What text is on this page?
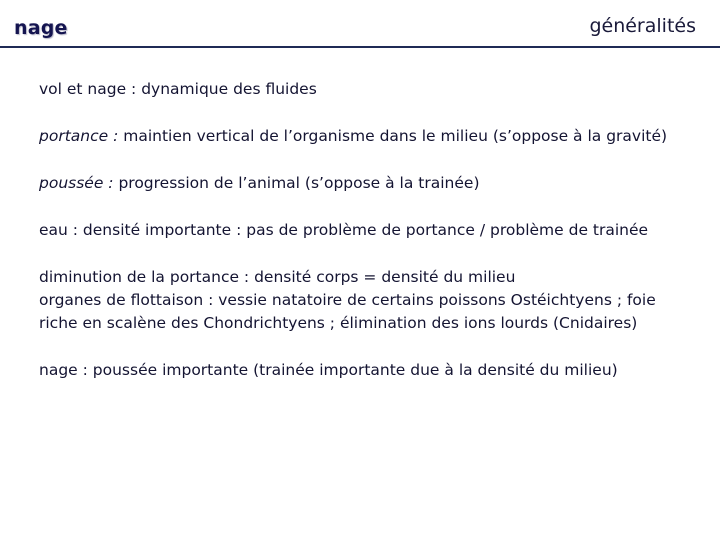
nage	généralités

vol et nage : dynamique des fluides

portance : maintien vertical de l’organisme dans le milieu (s’oppose à la gravité)

poussée : progression de l’animal (s’oppose à la trainée)

eau : densité importante : pas de problème de portance / problème de trainée

diminution de la portance : densité corps = densité du milieu
organes de flottaison : vessie natatoire de certains poissons Ostéichtyens ; foie riche en scalène des Chondrichtyens ; élimination des ions lourds (Cnidaires)

nage : poussée importante (trainée importante due à la densité du milieu)
